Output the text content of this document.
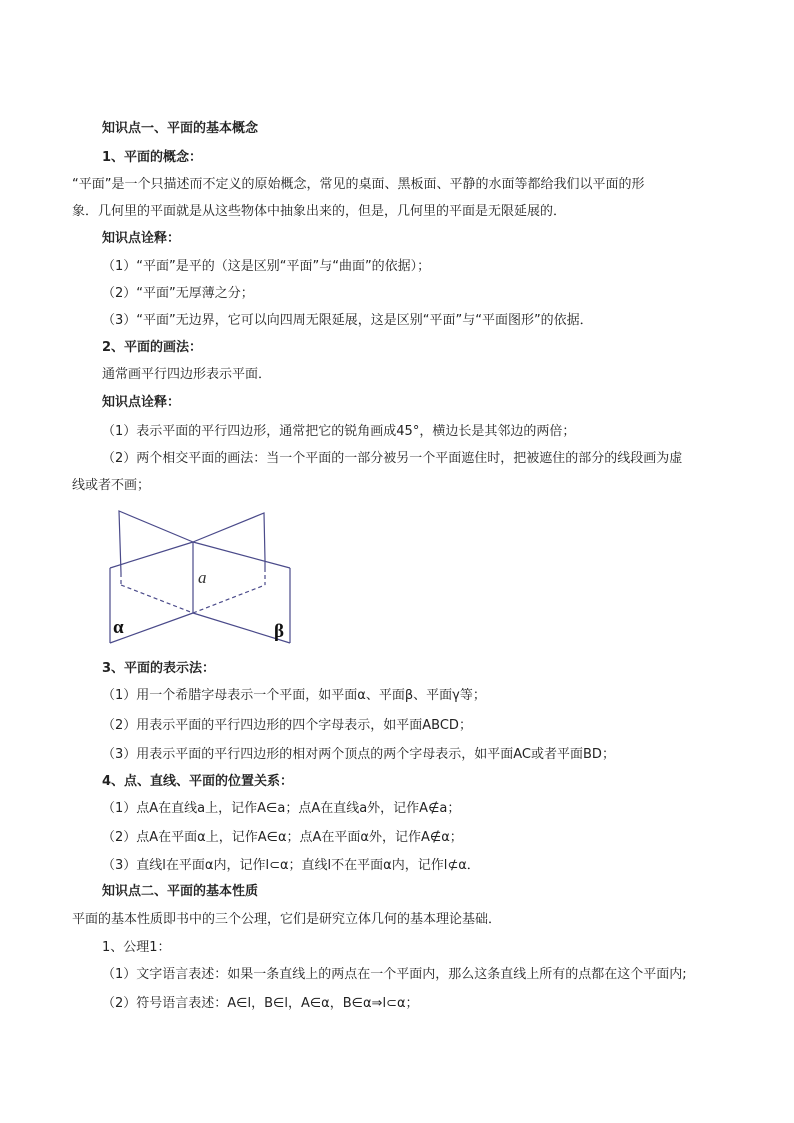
知识点一、平面的基本概念
1、平面的概念：
“平面”是一个只描述而不定义的原始概念，常见的桌面、黑板面、平静的水面等都给我们以平面的形
象．几何里的平面就是从这些物体中抽象出来的，但是，几何里的平面是无限延展的．
知识点诠释：
（1）“平面”是平的（这是区别“平面”与“曲面”的依据）；
（2）“平面”无厚薄之分；
（3）“平面”无边界，它可以向四周无限延展，这是区别“平面”与“平面图形”的依据．
2、平面的画法：
通常画平行四边形表示平面．
知识点诠释：
（1）表示平面的平行四边形，通常把它的锐角画成45°，横边长是其邻边的两倍；
（2）两个相交平面的画法：当一个平面的一部分被另一个平面遮住时，把被遮住的部分的线段画为虚
线或者不画；
a
α	β
3、平面的表示法：
（1）用一个希腊字母表示一个平面，如平面α、平面β、平面γ等；
（2）用表示平面的平行四边形的四个字母表示，如平面ABCD；
（3）用表示平面的平行四边形的相对两个顶点的两个字母表示，如平面AC或者平面BD；
4、点、直线、平面的位置关系：
（1）点A在直线a上，记作A∈a；点A在直线a外，记作A∉a；
（2）点A在平面α上，记作A∈α；点A在平面α外，记作A∉α；
（3）直线l在平面α内，记作l⊂α；直线l不在平面α内，记作l⊄α．
知识点二、平面的基本性质
平面的基本性质即书中的三个公理，它们是研究立体几何的基本理论基础．
1、公理1：
（1）文字语言表述：如果一条直线上的两点在一个平面内，那么这条直线上所有的点都在这个平面内;
（2）符号语言表述：A∈l，B∈l，A∈α，B∈α⇒l⊂α；
